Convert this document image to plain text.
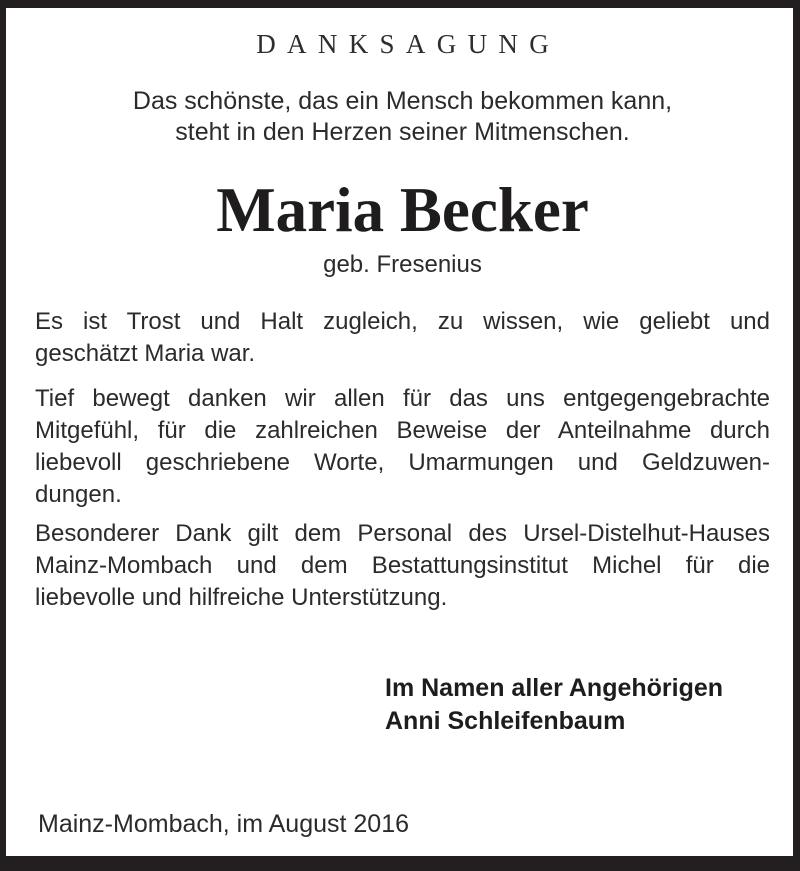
DANKSAGUNG
Das schönste, das ein Mensch bekommen kann,
steht in den Herzen seiner Mitmenschen.
Maria Becker
geb. Fresenius
Es ist Trost und Halt zugleich, zu wissen, wie geliebt und
geschätzt Maria war.
Tief bewegt danken wir allen für das uns entgegengebrachte
Mitgefühl, für die zahlreichen Beweise der Anteilnahme durch
liebevoll geschriebene Worte, Umarmungen und Geldzuwen-
dungen.
Besonderer Dank gilt dem Personal des Ursel-Distelhut-Hauses
Mainz-Mombach und dem Bestattungsinstitut Michel für die
liebevolle und hilfreiche Unterstützung.
Im Namen aller Angehörigen
Anni Schleifenbaum
Mainz-Mombach, im August 2016
